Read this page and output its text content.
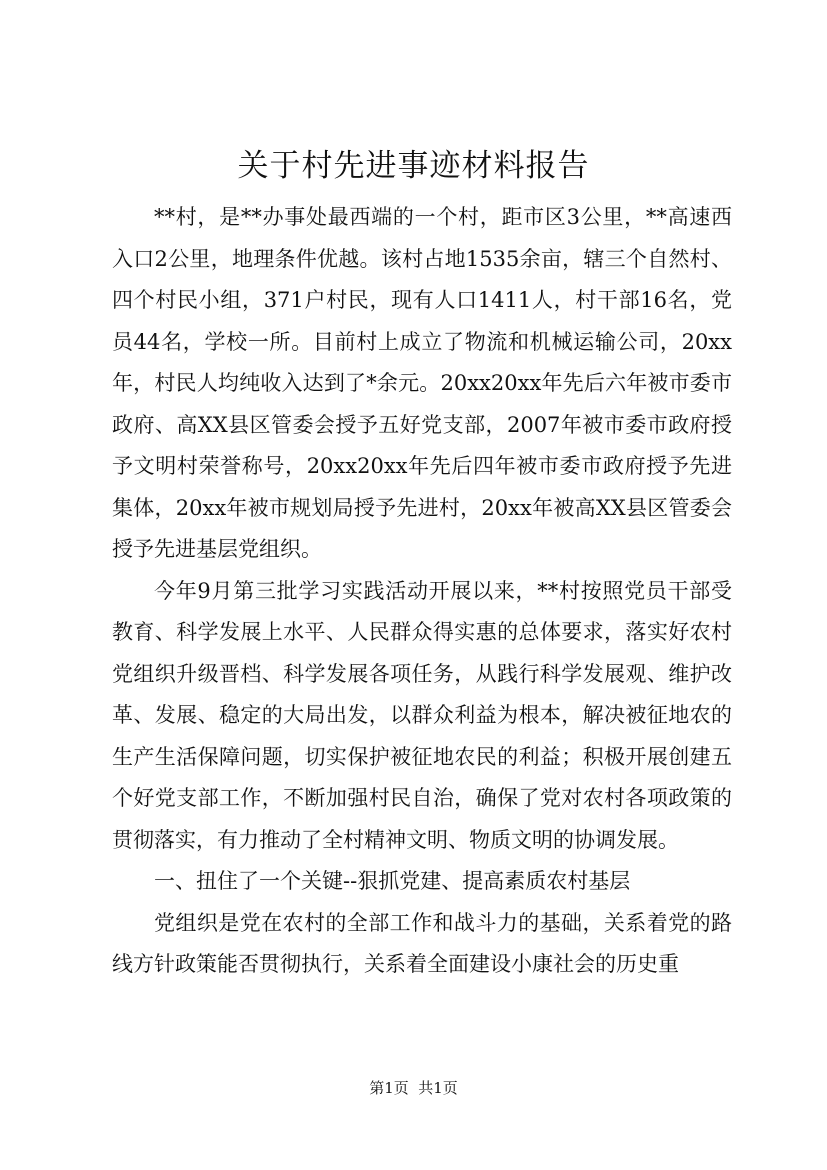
关于村先进事迹材料报告

**村，是**办事处最西端的一个村，距市区3公里，**高速西入口2公里，地理条件优越。该村占地1535余亩，辖三个自然村、四个村民小组，371户村民，现有人口1411人，村干部16名，党员44名，学校一所。目前村上成立了物流和机械运输公司，20xx年，村民人均纯收入达到了*余元。20xx20xx年先后六年被市委市政府、高XX县区管委会授予五好党支部，2007年被市委市政府授予文明村荣誉称号，20xx20xx年先后四年被市委市政府授予先进集体，20xx年被市规划局授予先进村，20xx年被高XX县区管委会授予先进基层党组织。

今年9月第三批学习实践活动开展以来，**村按照党员干部受教育、科学发展上水平、人民群众得实惠的总体要求，落实好农村党组织升级晋档、科学发展各项任务，从践行科学发展观、维护改革、发展、稳定的大局出发，以群众利益为根本，解决被征地农的生产生活保障问题，切实保护被征地农民的利益；积极开展创建五个好党支部工作，不断加强村民自治，确保了党对农村各项政策的贯彻落实，有力推动了全村精神文明、物质文明的协调发展。

一、扭住了一个关键--狠抓党建、提高素质农村基层

党组织是党在农村的全部工作和战斗力的基础，关系着党的路线方针政策能否贯彻执行，关系着全面建设小康社会的历史重

第1页  共1页
